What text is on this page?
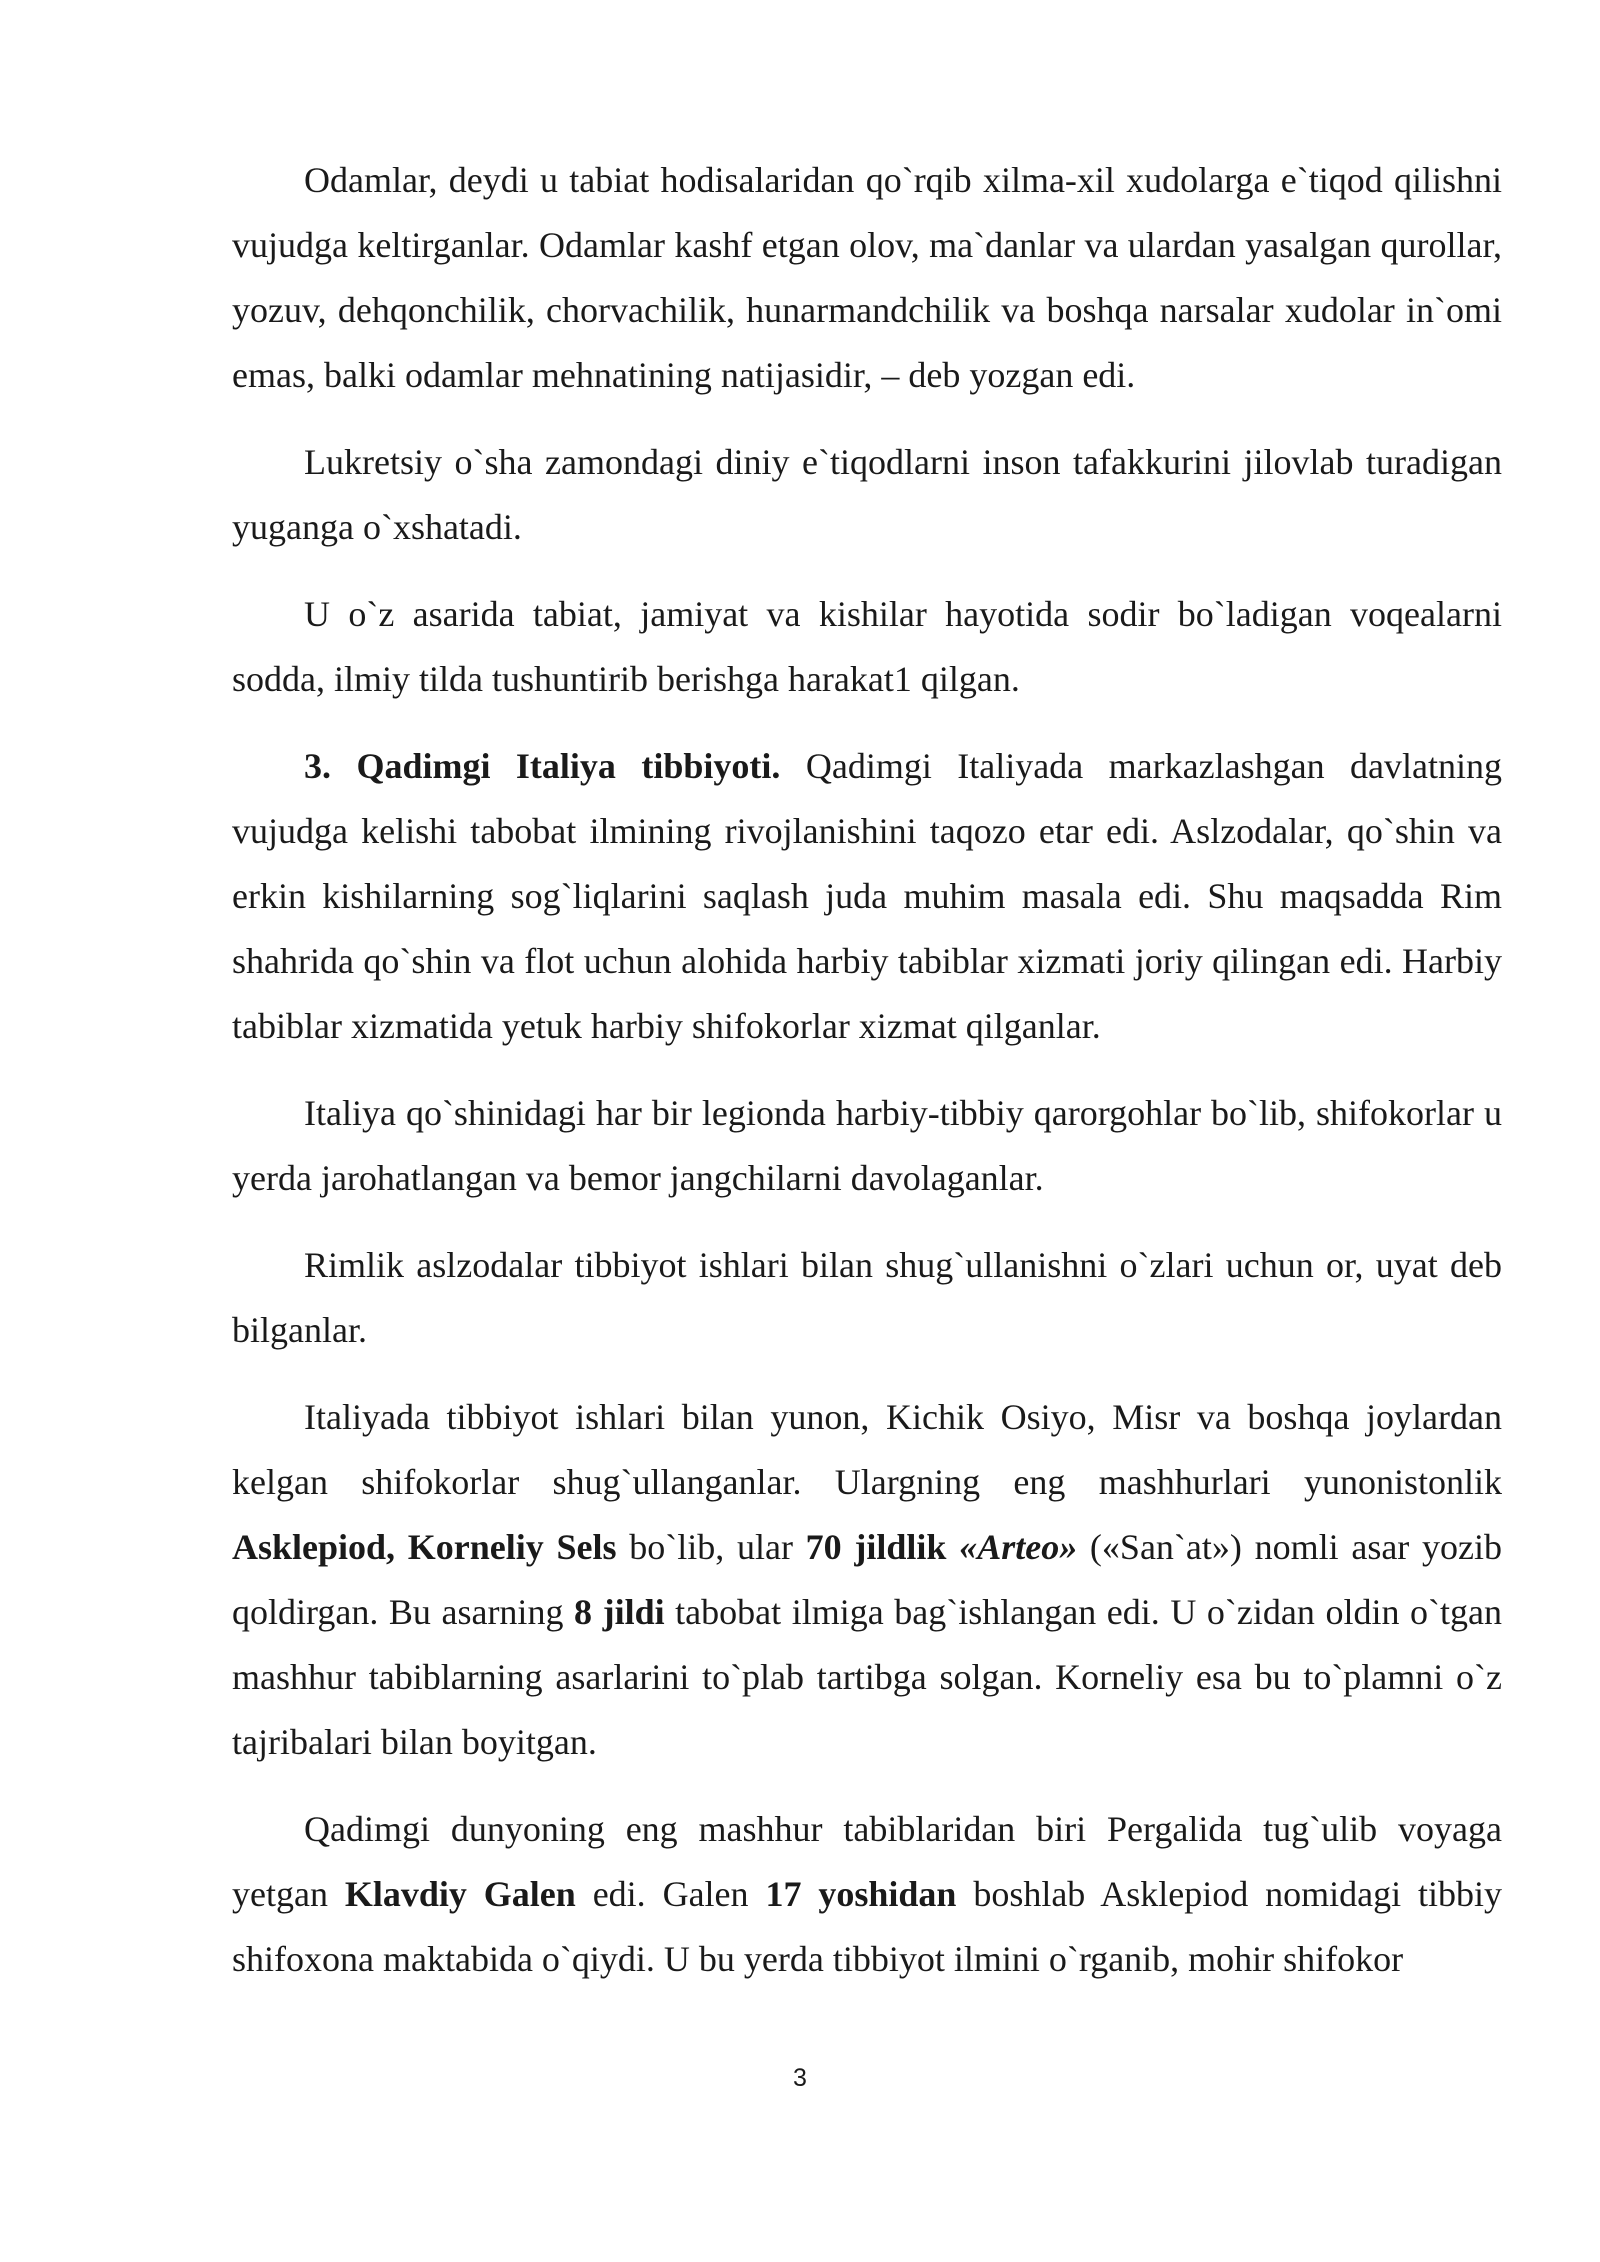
Odamlar, deydi u tabiat hodisalaridan qo`rqib xilma-xil xudolarga e`tiqod qilishni vujudga keltirganlar. Odamlar kashf etgan olov, ma`danlar va ulardan yasalgan qurollar, yozuv, dehqonchilik, chorvachilik, hunarmandchilik va boshqa narsalar xudolar in`omi emas, balki odamlar mehnatining natijasidir, – deb yozgan edi.

Lukretsiy o`sha zamondagi diniy e`tiqodlarni inson tafakkurini jilovlab turadigan yuganga o`xshatadi.

U o`z asarida tabiat, jamiyat va kishilar hayotida sodir bo`ladigan voqealarni sodda, ilmiy tilda tushuntirib berishga harakat1 qilgan.

3. Qadimgi Italiya tibbiyoti. Qadimgi Italiyada markazlashgan davlatning vujudga kelishi tabobat ilmining rivojlanishini taqozo etar edi. Aslzodalar, qo`shin va erkin kishilarning sog`liqlarini saqlash juda muhim masala edi. Shu maqsadda Rim shahrida qo`shin va flot uchun alohida harbiy tabiblar xizmati joriy qilingan edi. Harbiy tabiblar xizmatida yetuk harbiy shifokorlar xizmat qilganlar.

Italiya qo`shinidagi har bir legionda harbiy-tibbiy qarorgohlar bo`lib, shifokorlar u yerda jarohatlangan va bemor jangchilarni davolaganlar.

Rimlik aslzodalar tibbiyot ishlari bilan shug`ullanishni o`zlari uchun or, uyat deb bilganlar.

Italiyada tibbiyot ishlari bilan yunon, Kichik Osiyo, Misr va boshqa joylardan kelgan shifokorlar shug`ullanganlar. Ulargning eng mashhurlari yunonistonlik Asklepiod, Korneliy Sels bo`lib, ular 70 jildlik «Arteo» («San`at») nomli asar yozib qoldirgan. Bu asarning 8 jildi tabobat ilmiga bag`ishlangan edi. U o`zidan oldin o`tgan mashhur tabiblarning asarlarini to`plab tartibga solgan. Korneliy esa bu to`plamni o`z tajribalari bilan boyitgan.

Qadimgi dunyoning eng mashhur tabiblaridan biri Pergalida tug`ulib voyaga yetgan Klavdiy Galen edi. Galen 17 yoshidan boshlab Asklepiod nomidagi tibbiy shifoxona maktabida o`qiydi. U bu yerda tibbiyot ilmini o`rganib, mohir shifokor

3
